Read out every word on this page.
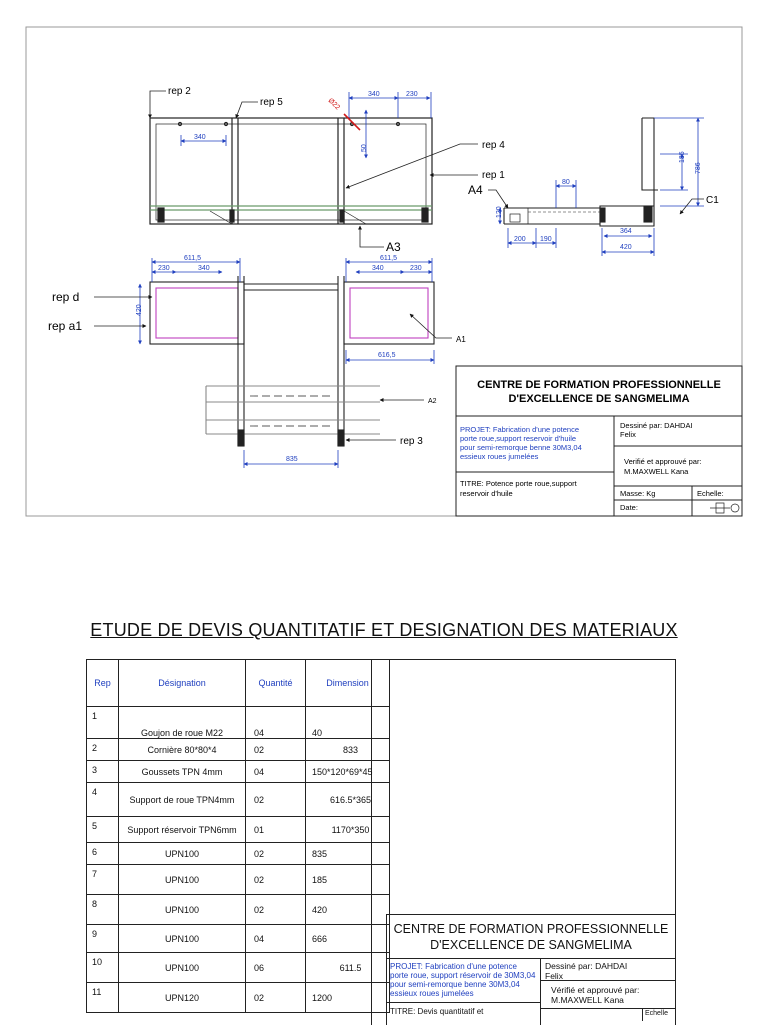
Ø22
340
340	230
50
rep 2
rep 5
rep 4
rep 1
A3
80
120
200 190
364
420
185
786
A4
C1
611,5
230	340
420
611,5
340	230
616,5
835
rep d
rep a1
A1
A2
rep 3
CENTRE DE FORMATION PROFESSIONNELLE
D'EXCELLENCE DE SANGMELIMA
PROJET: Fabrication d'une potence porte roue,support reservoir d'huile pour semi-remorque benne 30M3,04 essieux roues jumelées
Dessiné par: DAHDAI Felix
Verifié et approuvé par: M.MAXWELL Kana
TITRE: Potence porte roue,support reservoir d'huile	Masse: Kg	Echelle:
Date:
ETUDE DE DEVIS QUANTITATIF ET DESIGNATION DES MATERIAUX
Rep	Désignation	Quantité	Dimension
1	Goujon de roue M22	04	40
2	Cornière 80*80*4	02	833
3	Goussets TPN 4mm	04	150*120*69*45
4	Support de roue TPN4mm	02	616.5*365
5	Support réservoir TPN6mm	01	1170*350
6	UPN100	02	835
7	UPN100	02	185
8	UPN100	02	420
9	UPN100	04	666
10	UPN100	06	611.5
11	UPN120	02	1200
CENTRE DE FORMATION PROFESSIONNELLE
D'EXCELLENCE DE SANGMELIMA
PROJET: Fabrication d'une potence
porte roue, support réservoir de 30M3,04
pour semi-remorque benne 30M3,04
essieux roues jumelées
TITRE: Devis quantitatif et
Dessiné par: DAHDAI
Felix
Vérifié et approuvé par:
M.MAXWELL Kana
Echelle
